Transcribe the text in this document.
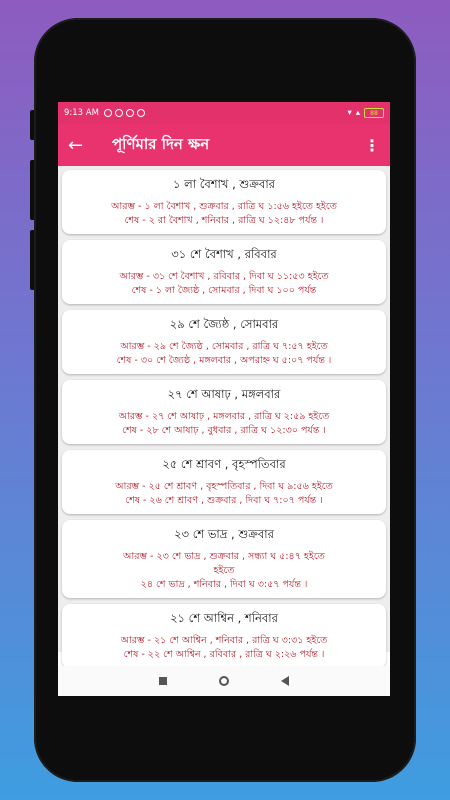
9:13 AM	▾ ▴ 88
←	পূর্ণিমার দিন ক্ষন	⋮
১ লা বৈশাখ , শুক্রবার
আরম্ভ - ১ লা বৈশাখ , শুক্রবার , রাত্রি ঘ ১:৫৬ হইতে হইতে
শেষ - ২ রা বৈশাখ , শনিবার , রাত্রি ঘ ১২:৪৮ পর্যন্ত ।
৩১ শে বৈশাখ , রবিবার
আরম্ভ - ৩১ শে বৈশাখ , রবিবার , দিবা ঘ ১১:৫৩ হইতে
শেষ - ১ লা জ্যৈষ্ঠ , সোমবার , দিবা ঘ ১০০ পর্যন্ত
২৯ শে জ্যৈষ্ঠ , সোমবার
আরম্ভ - ২৯ শে জ্যৈষ্ঠ , সোমবার , রাত্রি ঘ ৭:৫৭ হইতে
শেষ - ৩০ শে জ্যৈষ্ঠ , মঙ্গলবার , অপরাহ্ন ঘ ৫:০৭ পর্যন্ত ।
২৭ শে আষাঢ় , মঙ্গলবার
আরম্ভ - ২৭ শে আষাঢ় , মঙ্গলবার , রাত্রি ঘ ২:৫৯ হইতে
শেষ - ২৮ শে আষাঢ় , বুধবার , রাত্রি ঘ ১২:৩০ পর্যন্ত ।
২৫ শে শ্রাবণ , বৃহস্পতিবার
আরম্ভ - ২৫ শে শ্রাবণ , বৃহস্পতিবার , দিবা ঘ ৯:৫৬ হইতে
শেষ - ২৬ শে শ্রাবণ , শুক্রবার , দিবা ঘ ৭:০৭ পর্যন্ত ।
২৩ শে ভাদ্র , শুক্রবার
আরম্ভ - ২৩ শে ভাদ্র , শুক্রবার , সন্ধ্যা ঘ ৫:৪৭ হইতে
হইতে
২৪ শে ভাদ্র , শনিবার , দিবা ঘ ৩:৫৭ পর্যন্ত ।
২১ শে আশ্বিন , শনিবার
আরম্ভ - ২১ শে আশ্বিন , শনিবার , রাত্রি ঘ ৩:৩১ হইতে
শেষ - ২২ শে আশ্বিন , রবিবার , রাত্রি ঘ ২:২৬ পর্যন্ত ।
